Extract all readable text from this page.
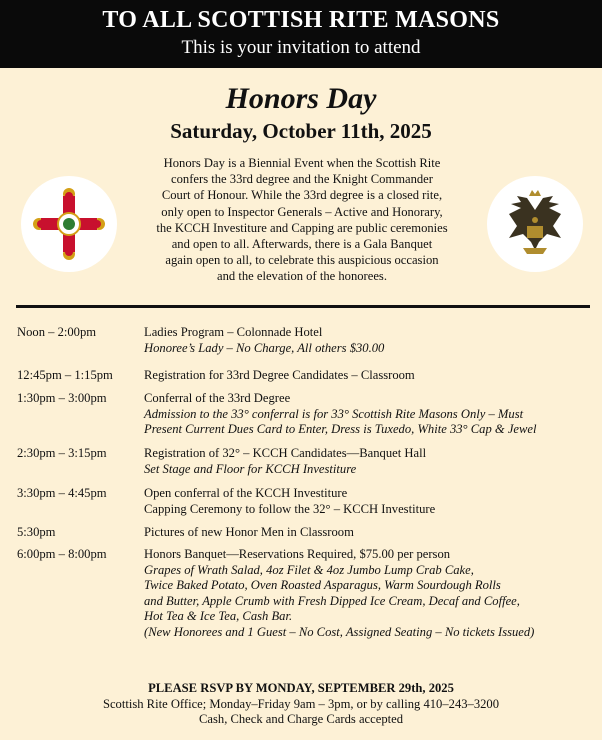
TO ALL SCOTTISH RITE MASONS
This is your invitation to attend
Honors Day
Saturday, October 11th, 2025
Honors Day is a Biennial Event when the Scottish Rite
confers the 33rd degree and the Knight Commander
Court of Honour. While the 33rd degree is a closed rite,
only open to Inspector Generals – Active and Honorary,
the KCCH Investiture and Capping are public ceremonies
and open to all. Afterwards, there is a Gala Banquet
again open to all, to celebrate this auspicious occasion
and the elevation of the honorees.
Noon – 2:00pm	Ladies Program – Colonnade Hotel
Honoree’s Lady – No Charge, All others $30.00
12:45pm – 1:15pm	Registration for 33rd Degree Candidates – Classroom
1:30pm – 3:00pm	Conferral of the 33rd Degree
Admission to the 33° conferral is for 33° Scottish Rite Masons Only – Must
Present Current Dues Card to Enter, Dress is Tuxedo, White 33° Cap & Jewel
2:30pm – 3:15pm	Registration of 32° – KCCH Candidates—Banquet Hall
Set Stage and Floor for KCCH Investiture
3:30pm – 4:45pm	Open conferral of the KCCH Investiture
Capping Ceremony to follow the 32° – KCCH Investiture
5:30pm	Pictures of new Honor Men in Classroom
6:00pm – 8:00pm	Honors Banquet—Reservations Required, $75.00 per person
Grapes of Wrath Salad, 4oz Filet & 4oz Jumbo Lump Crab Cake,
Twice Baked Potato, Oven Roasted Asparagus, Warm Sourdough Rolls
and Butter, Apple Crumb with Fresh Dipped Ice Cream, Decaf and Coffee,
Hot Tea & Ice Tea, Cash Bar.
(New Honorees and 1 Guest – No Cost, Assigned Seating – No tickets Issued)
PLEASE RSVP BY MONDAY, SEPTEMBER 29th, 2025
Scottish Rite Office; Monday–Friday 9am – 3pm, or by calling 410–243–3200
Cash, Check and Charge Cards accepted
